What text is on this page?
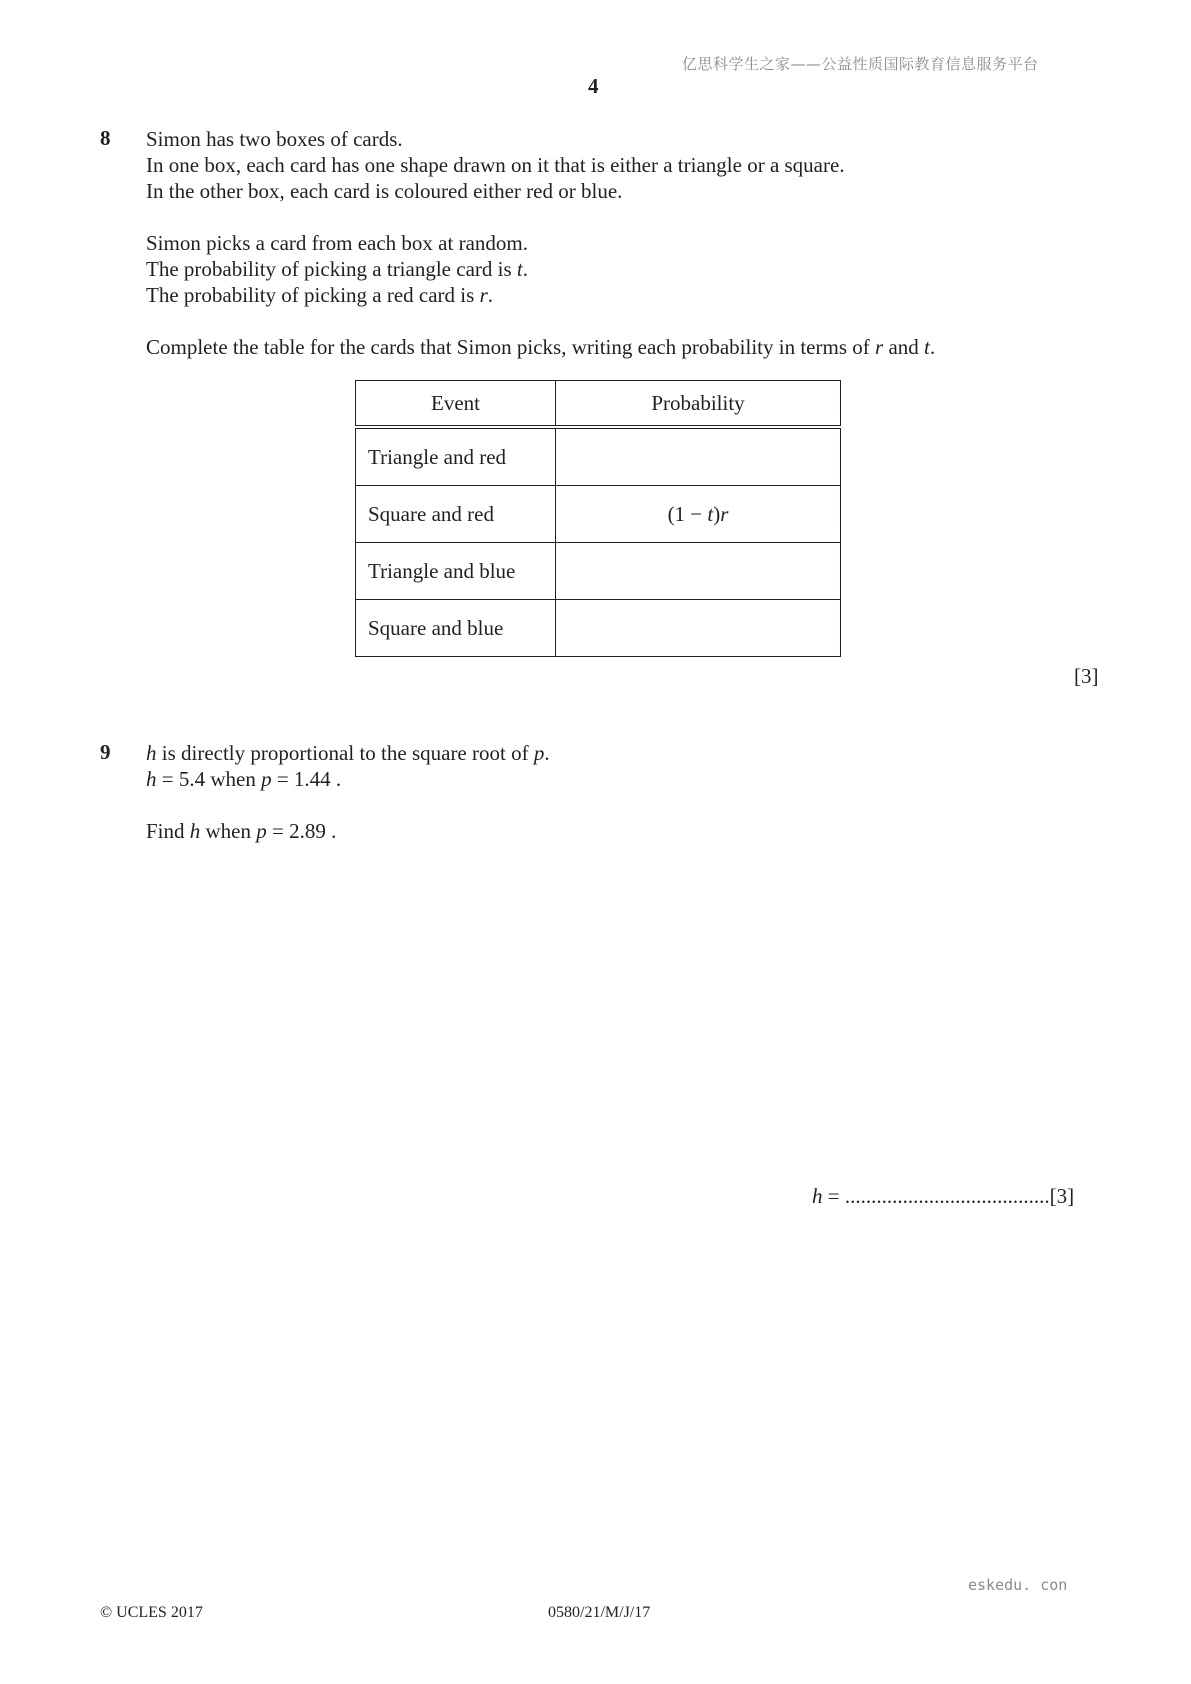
亿思科学生之家——公益性质国际教育信息服务平台
4
8 Simon has two boxes of cards.
In one box, each card has one shape drawn on it that is either a triangle or a square.
In the other box, each card is coloured either red or blue.
Simon picks a card from each box at random.
The probability of picking a triangle card is t.
The probability of picking a red card is r.
Complete the table for the cards that Simon picks, writing each probability in terms of r and t.
Event	Probability
Triangle and red	
Square and red	(1 − t)r
Triangle and blue	
Square and blue	
[3]
9 h is directly proportional to the square root of p.
h = 5.4 when p = 1.44 .
Find h when p = 2.89 .
h = .......................................[3]
eskedu. con
© UCLES 2017	0580/21/M/J/17
